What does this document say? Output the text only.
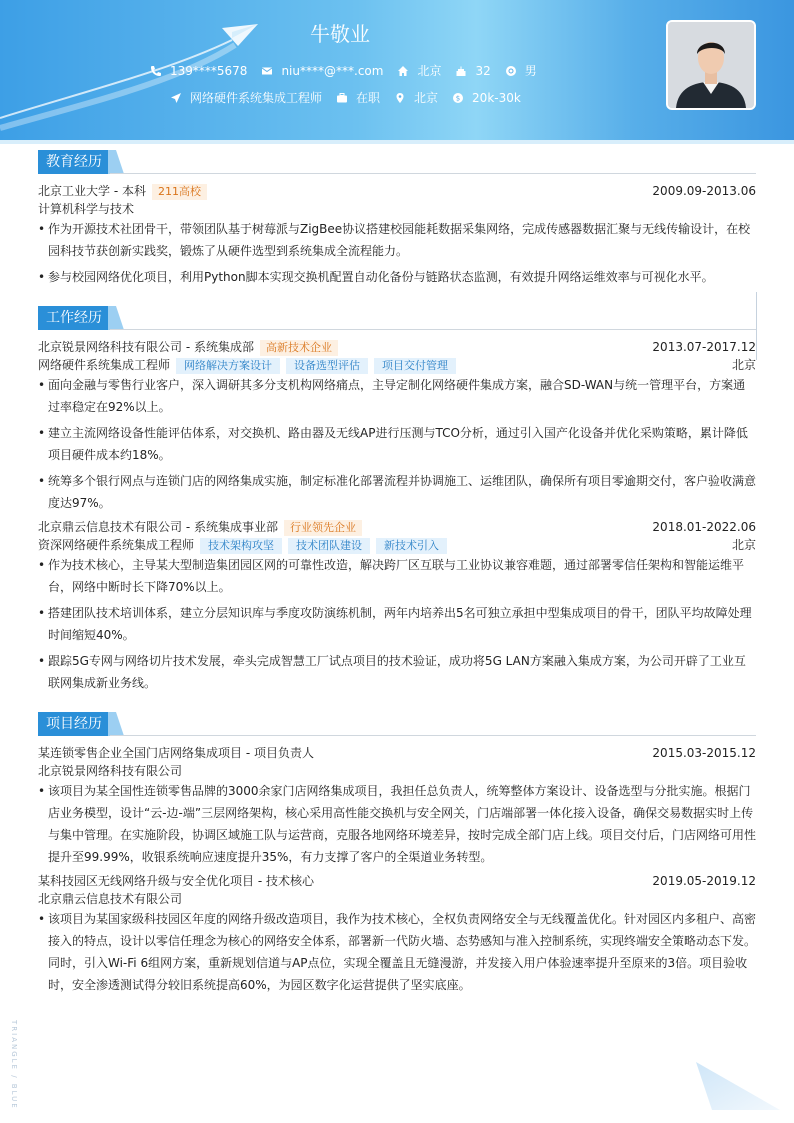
牛敬业
139****5678	niu****@***.com	北京	32	男
网络硬件系统集成工程师	在职	北京	$ 20k-30k
教育经历
北京工业大学 - 本科 211高校	2009.09-2013.06
计算机科学与技术
• 作为开源技术社团骨干，带领团队基于树莓派与ZigBee协议搭建校园能耗数据采集网络，完成传感器数据汇聚与无线传输设计，在校园科技节获创新实践奖，锻炼了从硬件选型到系统集成全流程能力。
• 参与校园网络优化项目，利用Python脚本实现交换机配置自动化备份与链路状态监测，有效提升网络运维效率与可视化水平。
工作经历
北京锐景网络科技有限公司 - 系统集成部 高新技术企业	2013.07-2017.12
网络硬件系统集成工程师 网络解决方案设计 设备选型评估 项目交付管理	北京
• 面向金融与零售行业客户，深入调研其多分支机构网络痛点，主导定制化网络硬件集成方案，融合SD-WAN与统一管理平台，方案通过率稳定在92%以上。
• 建立主流网络设备性能评估体系，对交换机、路由器及无线AP进行压测与TCO分析，通过引入国产化设备并优化采购策略，累计降低项目硬件成本约18%。
• 统筹多个银行网点与连锁门店的网络集成实施，制定标准化部署流程并协调施工、运维团队，确保所有项目零逾期交付，客户验收满意度达97%。
北京鼎云信息技术有限公司 - 系统集成事业部 行业领先企业	2018.01-2022.06
资深网络硬件系统集成工程师 技术架构攻坚 技术团队建设 新技术引入	北京
• 作为技术核心，主导某大型制造集团园区网的可靠性改造，解决跨厂区互联与工业协议兼容难题，通过部署零信任架构和智能运维平台，网络中断时长下降70%以上。
• 搭建团队技术培训体系，建立分层知识库与季度攻防演练机制，两年内培养出5名可独立承担中型集成项目的骨干，团队平均故障处理时间缩短40%。
• 跟踪5G专网与网络切片技术发展，牵头完成智慧工厂试点项目的技术验证，成功将5G LAN方案融入集成方案，为公司开辟了工业互联网集成新业务线。
项目经历
某连锁零售企业全国门店网络集成项目 - 项目负责人	2015.03-2015.12
北京锐景网络科技有限公司
• 该项目为某全国性连锁零售品牌的3000余家门店网络集成项目，我担任总负责人，统筹整体方案设计、设备选型与分批实施。根据门店业务模型，设计“云-边-端”三层网络架构，核心采用高性能交换机与安全网关，门店端部署一体化接入设备，确保交易数据实时上传与集中管理。在实施阶段，协调区域施工队与运营商，克服各地网络环境差异，按时完成全部门店上线。项目交付后，门店网络可用性提升至99.99%，收银系统响应速度提升35%，有力支撑了客户的全渠道业务转型。
某科技园区无线网络升级与安全优化项目 - 技术核心	2019.05-2019.12
北京鼎云信息技术有限公司
• 该项目为某国家级科技园区年度的网络升级改造项目，我作为技术核心，全权负责网络安全与无线覆盖优化。针对园区内多租户、高密接入的特点，设计以零信任理念为核心的网络安全体系，部署新一代防火墙、态势感知与准入控制系统，实现终端安全策略动态下发。同时，引入Wi-Fi 6组网方案，重新规划信道与AP点位，实现全覆盖且无缝漫游，并发接入用户体验速率提升至原来的3倍。项目验收时，安全渗透测试得分较旧系统提高60%，为园区数字化运营提供了坚实底座。
TRIANGLE / BLUE
